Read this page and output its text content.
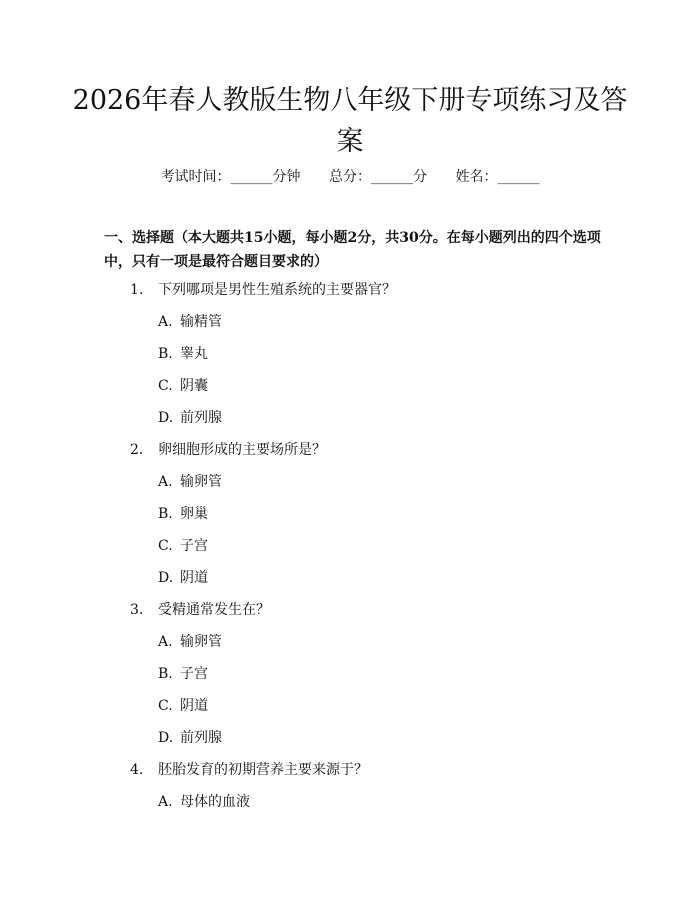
2026年春人教版生物八年级下册专项练习及答案
考试时间：______分钟 总分：______分 姓名：______

一、选择题（本大题共15小题，每小题2分，共30分。在每小题列出的四个选项中，只有一项是最符合题目要求的）

1. 下列哪项是男性生殖系统的主要器官？
A. 输精管
B. 睾丸
C. 阴囊
D. 前列腺
2. 卵细胞形成的主要场所是？
A. 输卵管
B. 卵巢
C. 子宫
D. 阴道
3. 受精通常发生在？
A. 输卵管
B. 子宫
C. 阴道
D. 前列腺
4. 胚胎发育的初期营养主要来源于？
A. 母体的血液
